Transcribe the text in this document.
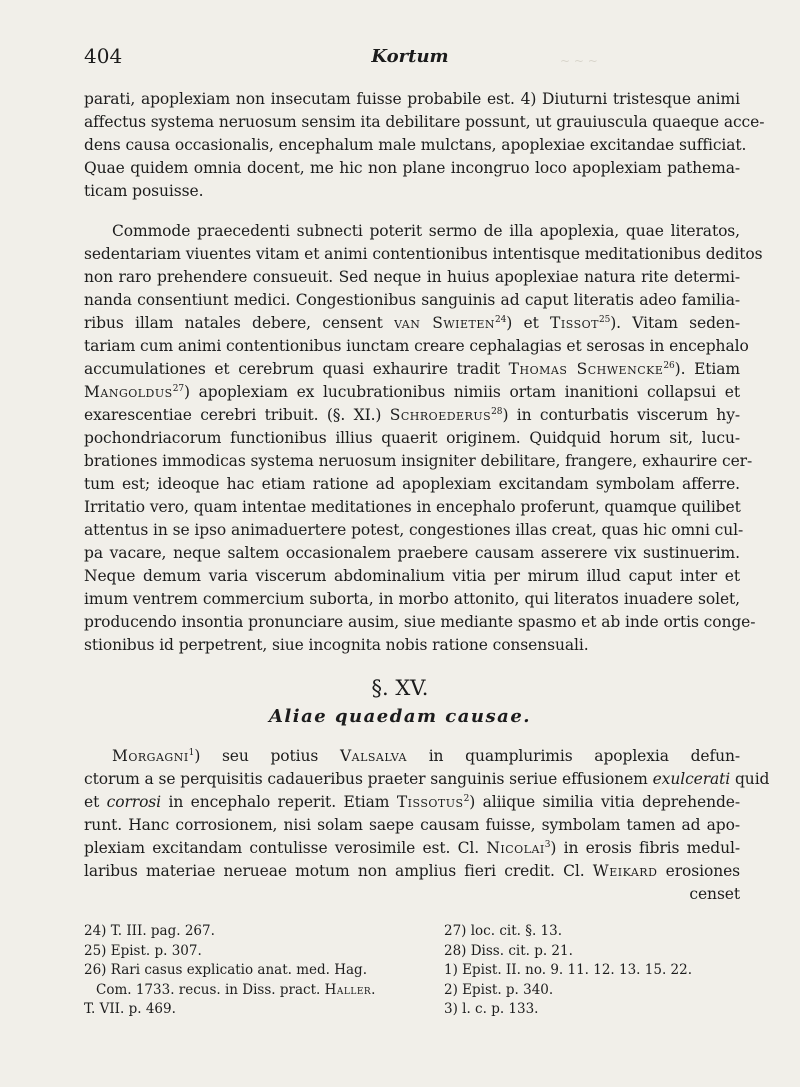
404	Kortum	~ ~ ~
parati, apoplexiam non insecutam fuisse probabile est. 4) Diuturni tristesque animi
affectus systema neruosum sensim ita debilitare possunt, ut grauiuscula quaeque acce-
dens causa occasionalis, encephalum male mulctans, apoplexiae excitandae sufficiat.
Quae quidem omnia docent, me hic non plane incongruo loco apoplexiam pathema-
ticam posuisse.
Commode praecedenti subnecti poterit sermo de illa apoplexia, quae literatos,
sedentariam viuentes vitam et animi contentionibus intentisque meditationibus deditos
non raro prehendere consueuit. Sed neque in huius apoplexiae natura rite determi-
nanda consentiunt medici. Congestionibus sanguinis ad caput literatis adeo familia-
ribus illam natales debere, censent van Swieten$^{24}$) et Tissot$^{25}$). Vitam seden-
tariam cum animi contentionibus iunctam creare cephalagias et serosas in encephalo
accumulationes et cerebrum quasi exhaurire tradit Thomas Schwencke$^{26}$). Etiam
Mangoldus$^{27}$) apoplexiam ex lucubrationibus nimiis ortam inanitioni collapsui et
exarescentiae cerebri tribuit. (§. XI.) Schroederus$^{28}$) in conturbatis viscerum hy-
pochondriacorum functionibus illius quaerit originem. Quidquid horum sit, lucu-
brationes immodicas systema neruosum insigniter debilitare, frangere, exhaurire cer-
tum est; ideoque hac etiam ratione ad apoplexiam excitandam symbolam afferre.
Irritatio vero, quam intentae meditationes in encephalo proferunt, quamque quilibet
attentus in se ipso animaduertere potest, congestiones illas creat, quas hic omni cul-
pa vacare, neque saltem occasionalem praebere causam asserere vix sustinuerim.
Neque demum varia viscerum abdominalium vitia per mirum illud caput inter et
imum ventrem commercium suborta, in morbo attonito, qui literatos inuadere solet,
producendo insontia pronunciare ausim, siue mediante spasmo et ab inde ortis conge-
stionibus id perpetrent, siue incognita nobis ratione consensuali.
§. XV.
Aliae quaedam causae.
Morgagni$^1$) seu potius Valsalva in quamplurimis apoplexia defun-
ctorum a se perquisitis cadaueribus praeter sanguinis seriue effusionem exulcerati quid
et corrosi in encephalo reperit. Etiam Tissotus$^2$) aliique similia vitia deprehende-
runt. Hanc corrosionem, nisi solam saepe causam fuisse, symbolam tamen ad apo-
plexiam excitandam contulisse verosimile est. Cl. Nicolai$^3$) in erosis fibris medul-
laribus materiae nerueae motum non amplius fieri credit. Cl. Weikard erosiones
censet
24) T. III. pag. 267.
25) Epist. p. 307.
26) Rari casus explicatio anat. med. Hag.
Com. 1733. recus. in Diss. pract. Haller.
T. VII. p. 469.
27) loc. cit. §. 13.
28) Diss. cit. p. 21.
1) Epist. II. no. 9. 11. 12. 13. 15. 22.
2) Epist. p. 340.
3) l. c. p. 133.
